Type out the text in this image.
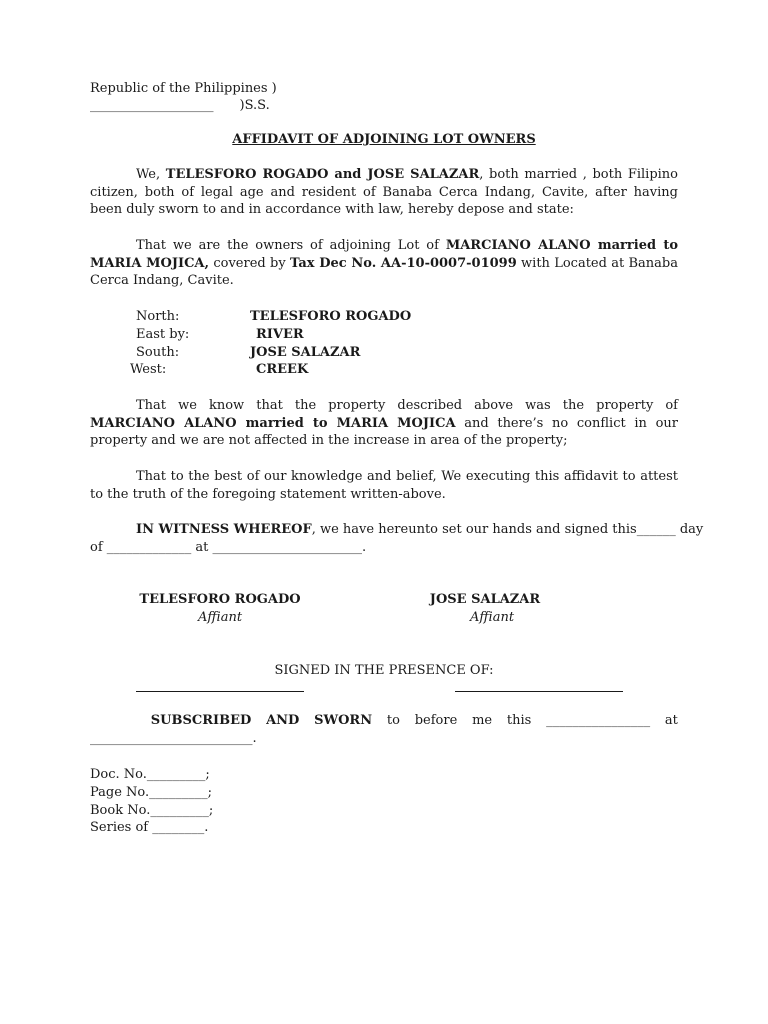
Republic of the Philippines )
___________________ )S.S.
AFFIDAVIT OF ADJOINING LOT OWNERS
We, TELESFORO ROGADO and JOSE SALAZAR, both married , both Filipino citizen, both of legal age and resident of Banaba Cerca Indang, Cavite, after having been duly sworn to and in accordance with law, hereby depose and state:
That we are the owners of adjoining Lot of MARCIANO ALANO married to MARIA MOJICA, covered by Tax Dec No. AA-10-0007-01099 with Located at Banaba Cerca Indang, Cavite.
North:	TELESFORO ROGADO
East by:	RIVER
South:	JOSE SALAZAR
West:	CREEK
That we know that the property described above was the property of MARCIANO ALANO married to MARIA MOJICA and there’s no conflict in our property and we are not affected in the increase in area of the property;
That to the best of our knowledge and belief, We executing this affidavit to attest to the truth of the foregoing statement written-above.
IN WITNESS WHEREOF, we have hereunto set our hands and signed this______ day
of _____________ at _______________________.
TELESFORO ROGADO
Affiant
JOSE SALAZAR
Affiant
SIGNED IN THE PRESENCE OF:
SUBSCRIBED AND SWORN to before me this ________________ at
_________________________.
Doc. No._________;
Page No._________;
Book No._________;
Series of ________.
